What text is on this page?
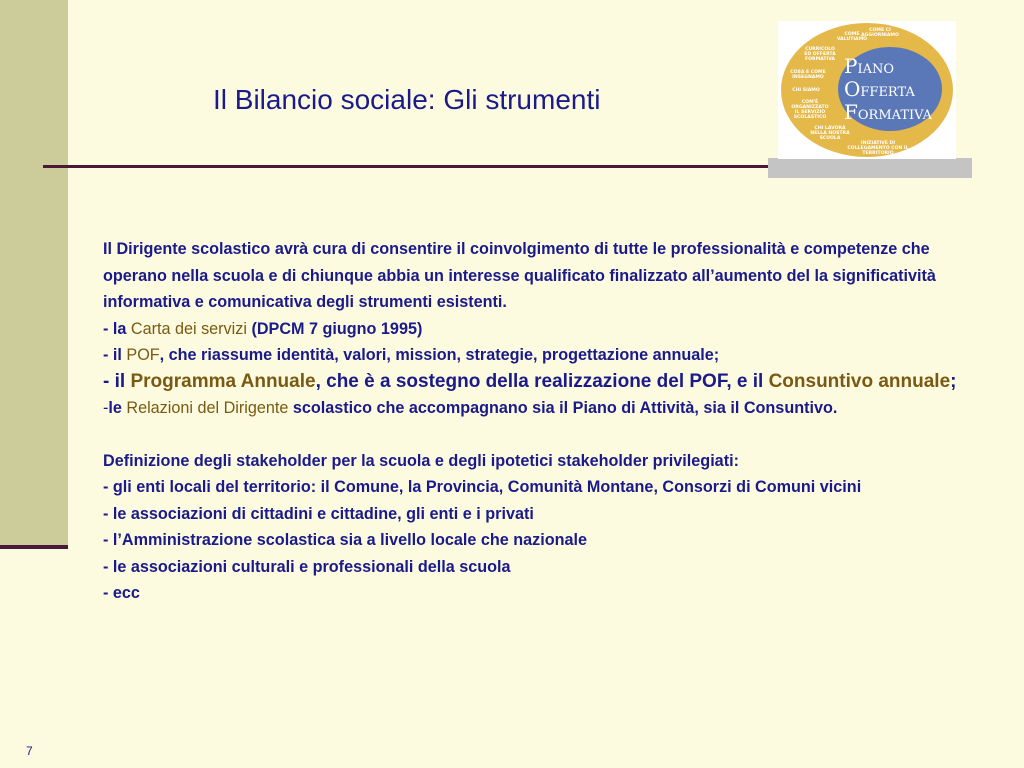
Il Bilancio sociale: Gli strumenti
COME CI
AGGIORNIAMO
COME
VALUTIAMO
CURRICOLO
ED OFFERTA
FORMATIVA
COSA E COME
INSEGNAMO
CHI SIAMO
COM'È
ORGANIZZATO
IL SERVIZIO
SCOLASTICO
CHI LAVORA
NELLA NOSTRA
SCUOLA
INIZIATIVE DI
COLLEGAMENTO CON IL
TERRITORIO
PIANO
OFFERTA
FORMATIVA

Il Dirigente scolastico avrà cura di consentire il coinvolgimento di tutte le professionalità e competenze che operano nella scuola e di chiunque abbia un interesse qualificato finalizzato all’aumento del la significatività informativa e comunicativa degli strumenti esistenti.

- la Carta dei servizi (DPCM 7 giugno 1995)

- il POF, che riassume identità, valori, mission, strategie, progettazione annuale;

- il Programma Annuale, che è a sostegno della realizzazione del POF, e il Consuntivo annuale;

-le Relazioni del Dirigente scolastico che accompagnano sia il Piano di Attività, sia il Consuntivo.

Definizione degli stakeholder per la scuola e degli ipotetici stakeholder privilegiati:

- gli enti locali del territorio: il Comune, la Provincia, Comunità Montane, Consorzi di Comuni vicini

- le associazioni di cittadini e cittadine, gli enti e i privati

- l’Amministrazione scolastica sia a livello locale che nazionale

- le associazioni culturali e professionali della scuola

- ecc

7
